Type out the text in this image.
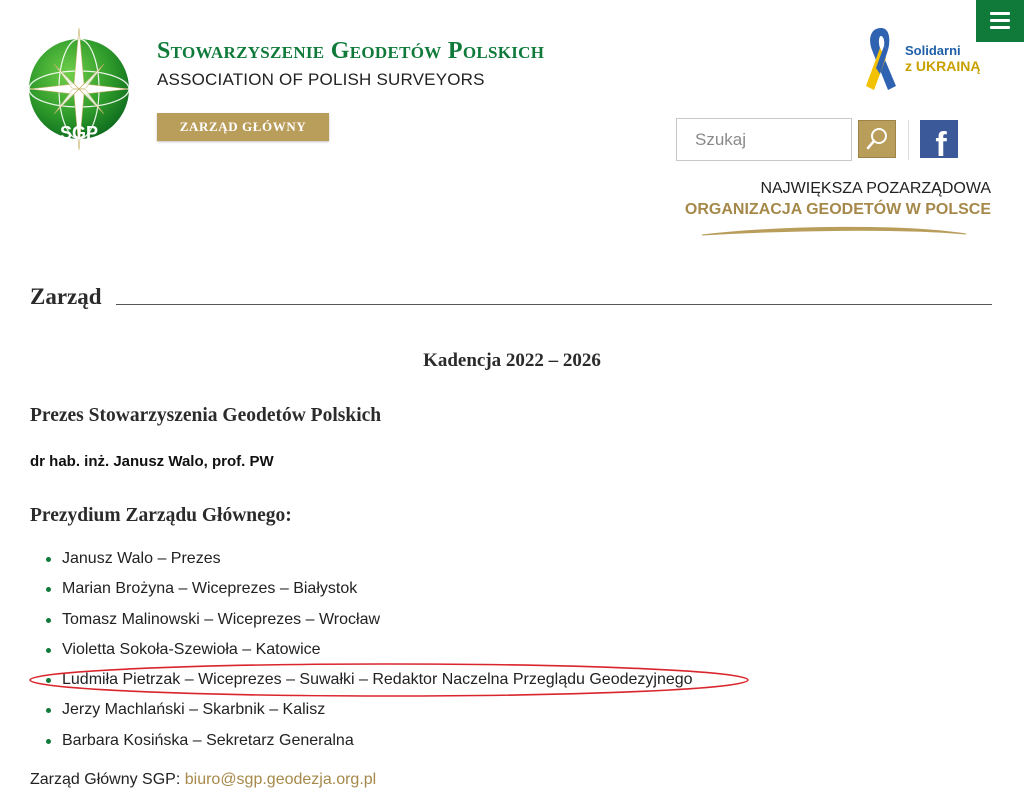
SGP
Stowarzyszenie Geodetów Polskich
ASSOCIATION OF POLISH SURVEYORS
ZARZĄD GŁÓWNY
Solidarni
z UKRAINĄ
Szukaj
f
NAJWIĘKSZA POZARZĄDOWA
ORGANIZACJA GEODETÓW W POLSCE
Zarząd
Kadencja 2022 – 2026
Prezes Stowarzyszenia Geodetów Polskich
dr hab. inż. Janusz Walo, prof. PW
Prezydium Zarządu Głównego:
Janusz Walo – Prezes
Marian Brożyna – Wiceprezes – Białystok
Tomasz Malinowski – Wiceprezes – Wrocław
Violetta Sokoła-Szewioła – Katowice
Ludmiła Pietrzak – Wiceprezes – Suwałki – Redaktor Naczelna Przeglądu Geodezyjnego
Jerzy Machlański – Skarbnik – Kalisz
Barbara Kosińska – Sekretarz Generalna
Zarząd Główny SGP: biuro@sgp.geodezja.org.pl
